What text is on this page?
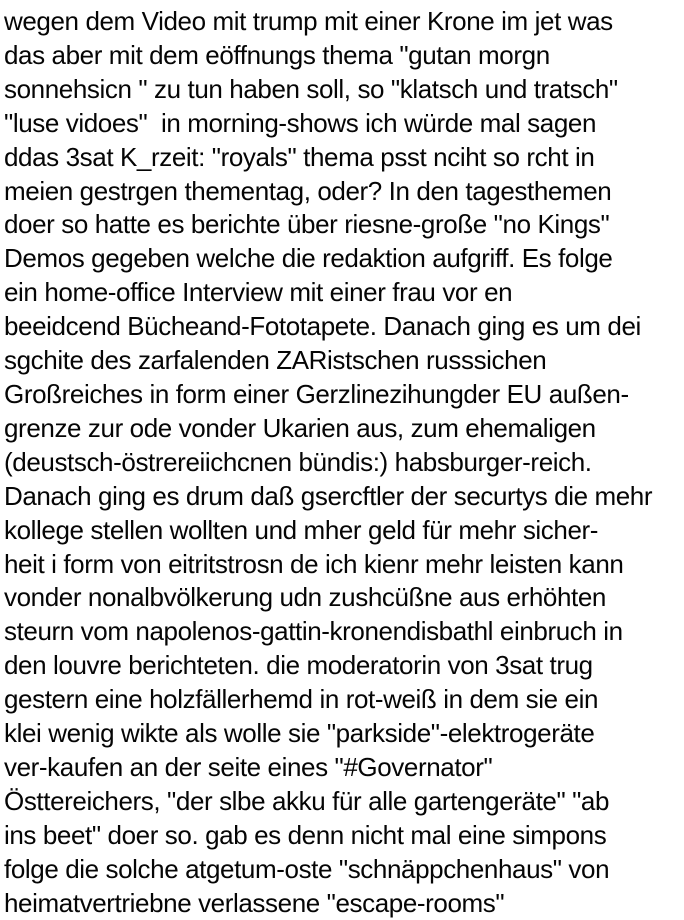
wegen dem Video mit trump mit einer Krone im jet was
das aber mit dem eöffnungs thema "gutan morgn
sonnehsicn " zu tun haben soll, so "klatsch und tratsch"
"luse vidoes"  in morning-shows ich würde mal sagen
ddas 3sat K_rzeit: "royals" thema psst nciht so rcht in
meien gestrgen thementag, oder? In den tagesthemen
doer so hatte es berichte über riesne-große "no Kings"
Demos gegeben welche die redaktion aufgriff. Es folge
ein home-office Interview mit einer frau vor en
beeidcend Bücheand-Fototapete. Danach ging es um dei
sgchite des zarfalenden ZARistschen russsichen
Großreiches in form einer Gerzlinezihungder EU außen-
grenze zur ode vonder Ukarien aus, zum ehemaligen
(deustsch-östrereiichcnen bündis:) habsburger-reich.
Danach ging es drum daß gsercftler der securtys die mehr
kollege stellen wollten und mher geld für mehr sicher-
heit i form von eitritstrosn de ich kienr mehr leisten kann
vonder nonalbvölkerung udn zushcüßne aus erhöhten
steurn vom napolenos-gattin-kronendisbathl einbruch in
den louvre berichteten. die moderatorin von 3sat trug
gestern eine holzfällerhemd in rot-weiß in dem sie ein
klei wenig wikte als wolle sie "parkside"-elektrogeräte
ver-kaufen an der seite eines "#Governator"
Östtereichers, "der slbe akku für alle gartengeräte" "ab
ins beet" doer so. gab es denn nicht mal eine simpons
folge die solche atgetum-oste "schnäppchenhaus" von
heimatvertriebne verlassene "escape-rooms"
